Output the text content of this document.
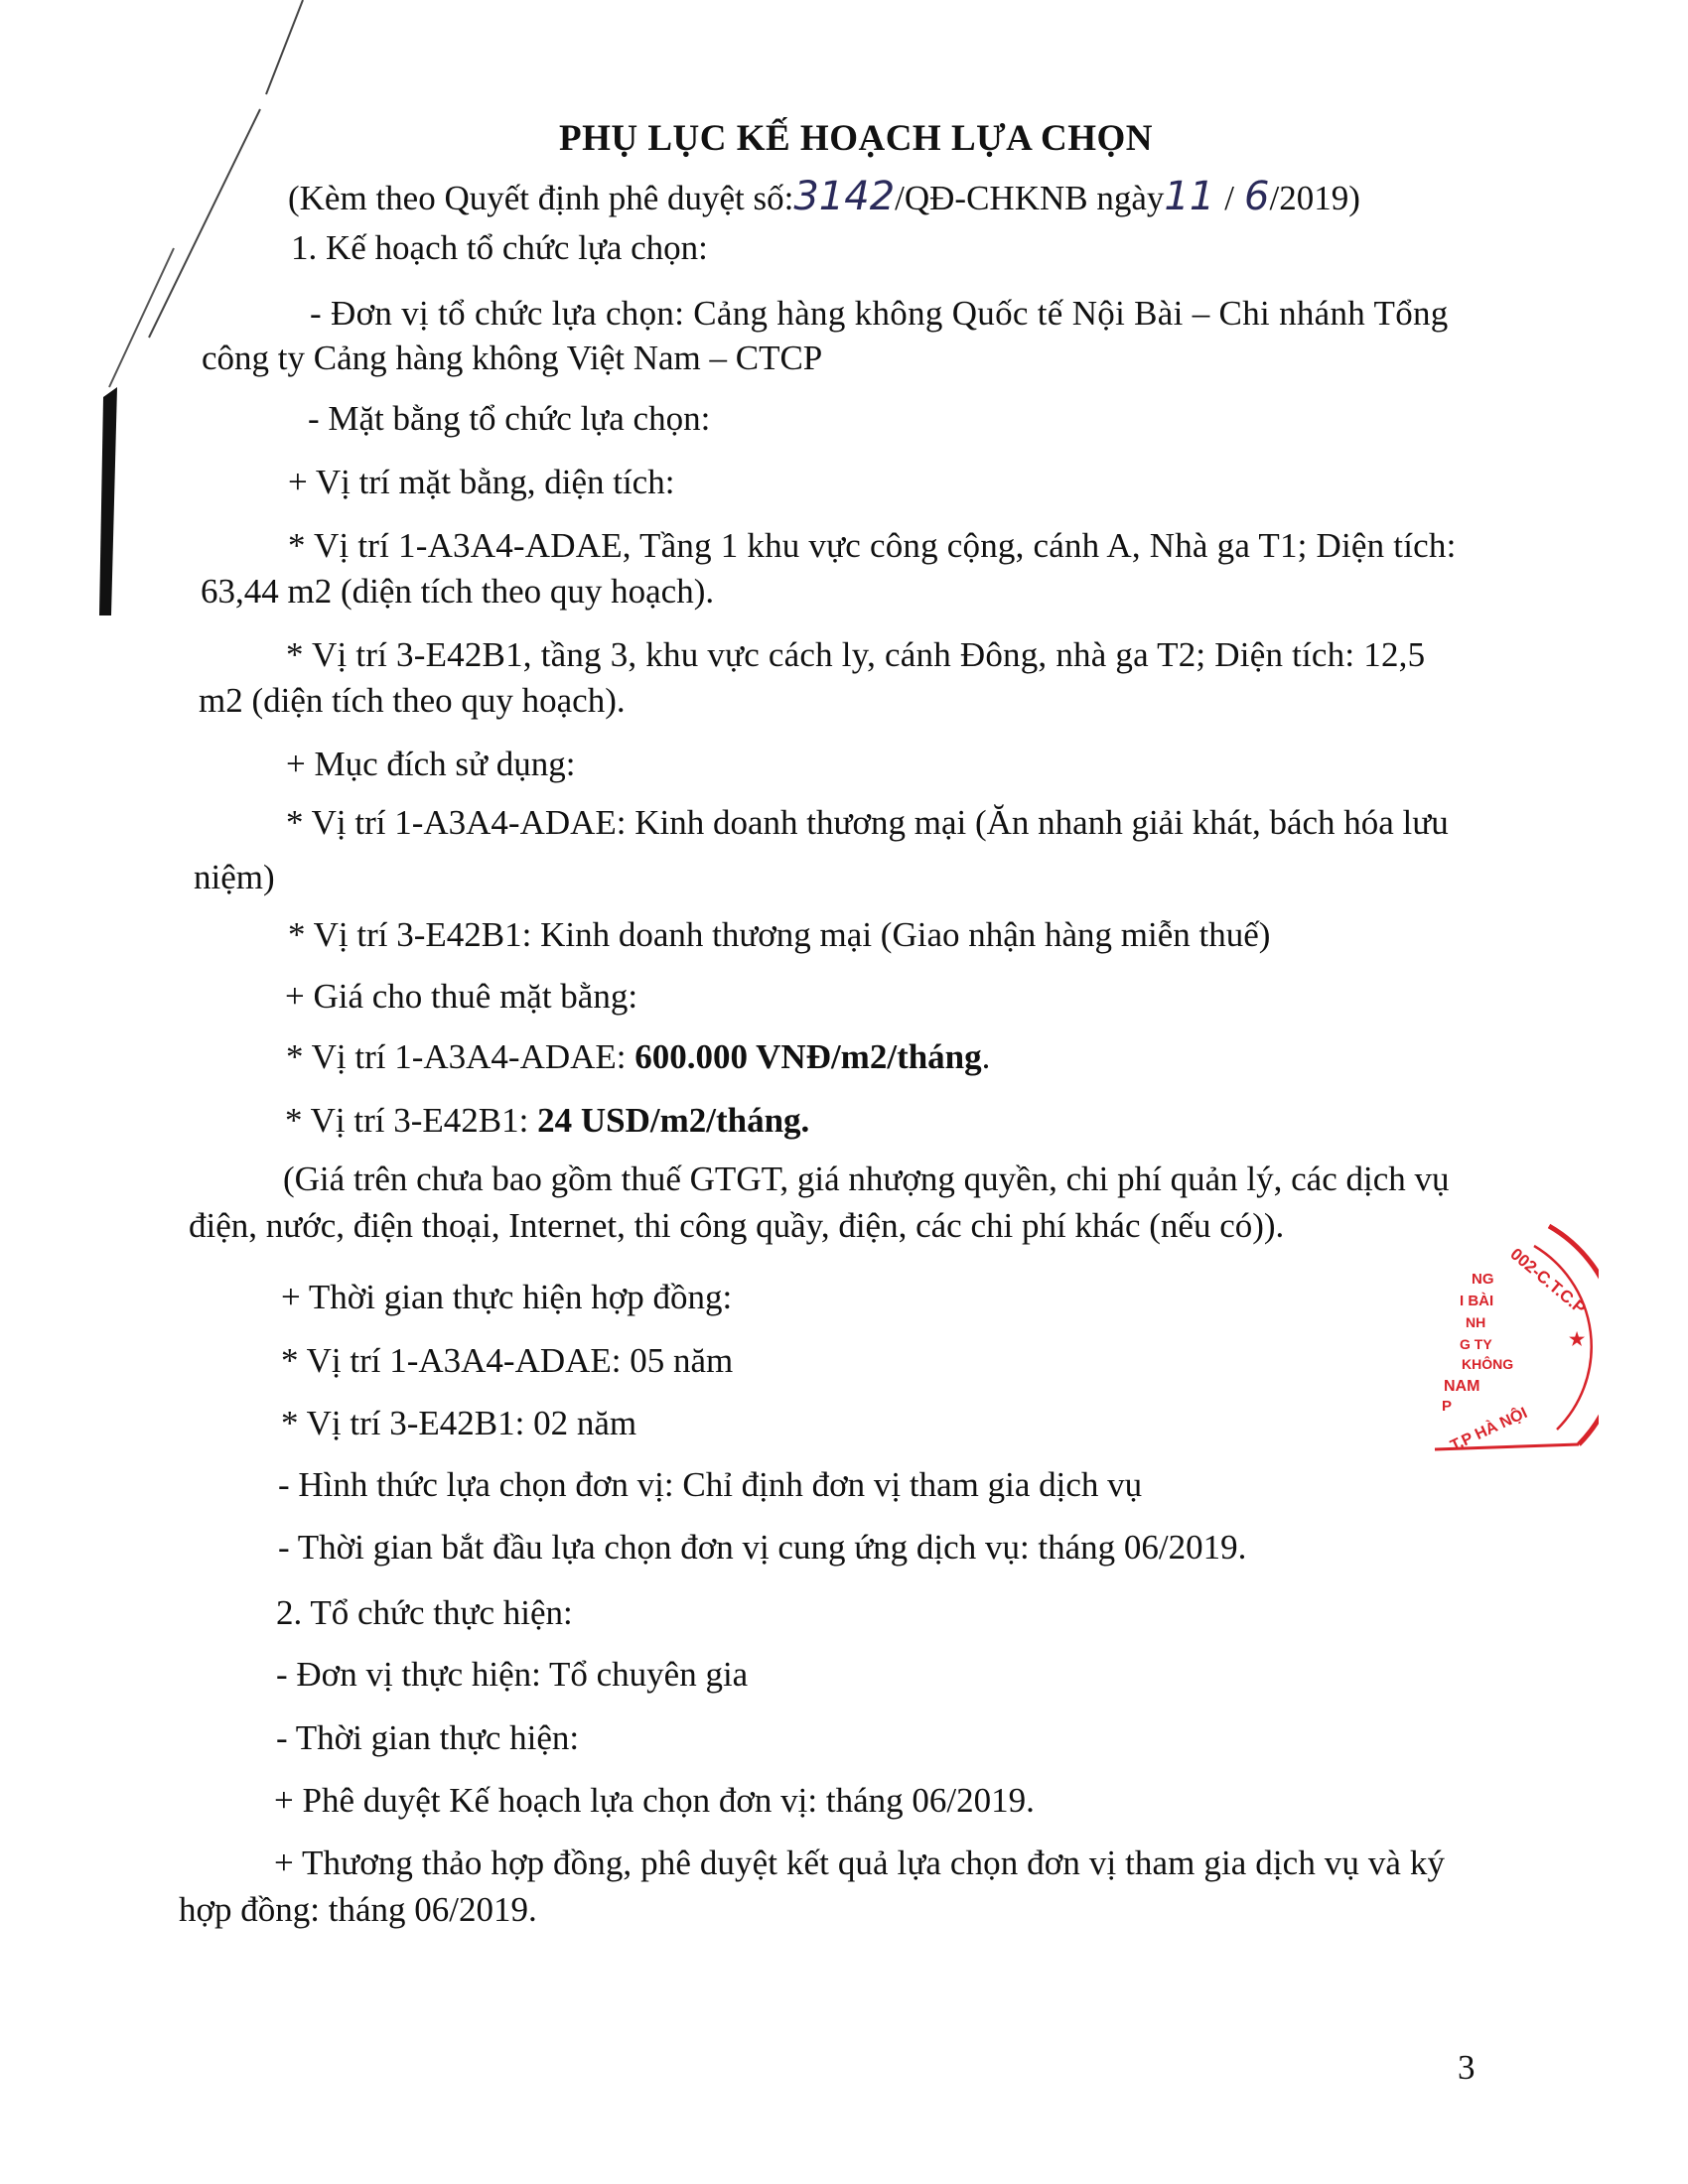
PHỤ LỤC KẾ HOẠCH LỰA CHỌN
(Kèm theo Quyết định phê duyệt số:3142/QĐ-CHKNB ngày11 / 6/2019)
1. Kế hoạch tổ chức lựa chọn:
- Đơn vị tổ chức lựa chọn: Cảng hàng không Quốc tế Nội Bài – Chi nhánh Tổng
công ty Cảng hàng không Việt Nam – CTCP
- Mặt bằng tổ chức lựa chọn:
+ Vị trí mặt bằng, diện tích:
* Vị trí 1-A3A4-ADAE, Tầng 1 khu vực công cộng, cánh A, Nhà ga T1; Diện tích:
63,44 m2 (diện tích theo quy hoạch).
* Vị trí 3-E42B1, tầng 3, khu vực cách ly, cánh Đông, nhà ga T2; Diện tích: 12,5
m2 (diện tích theo quy hoạch).
+ Mục đích sử dụng:
* Vị trí 1-A3A4-ADAE: Kinh doanh thương mại (Ăn nhanh giải khát, bách hóa lưu
niệm)
* Vị trí 3-E42B1: Kinh doanh thương mại (Giao nhận hàng miễn thuế)
+ Giá cho thuê mặt bằng:
* Vị trí 1-A3A4-ADAE: 600.000 VNĐ/m2/tháng.
* Vị trí 3-E42B1: 24 USD/m2/tháng.
(Giá trên chưa bao gồm thuế GTGT, giá nhượng quyền, chi phí quản lý, các dịch vụ
điện, nước, điện thoại, Internet, thi công quầy, điện, các chi phí khác (nếu có)).
+ Thời gian thực hiện hợp đồng:
* Vị trí 1-A3A4-ADAE: 05 năm
* Vị trí 3-E42B1: 02 năm
- Hình thức lựa chọn đơn vị: Chỉ định đơn vị tham gia dịch vụ
- Thời gian bắt đầu lựa chọn đơn vị cung ứng dịch vụ: tháng 06/2019.
2. Tổ chức thực hiện:
- Đơn vị thực hiện: Tổ chuyên gia
- Thời gian thực hiện:
+ Phê duyệt Kế hoạch lựa chọn đơn vị: tháng 06/2019.
+ Thương thảo hợp đồng, phê duyệt kết quả lựa chọn đơn vị tham gia dịch vụ và ký
hợp đồng: tháng 06/2019.
002-C.T.C.P
NG
I BÀI
NH
G TY
KHÔNG
NAM
P
T.P HÀ NỘI
★
3
